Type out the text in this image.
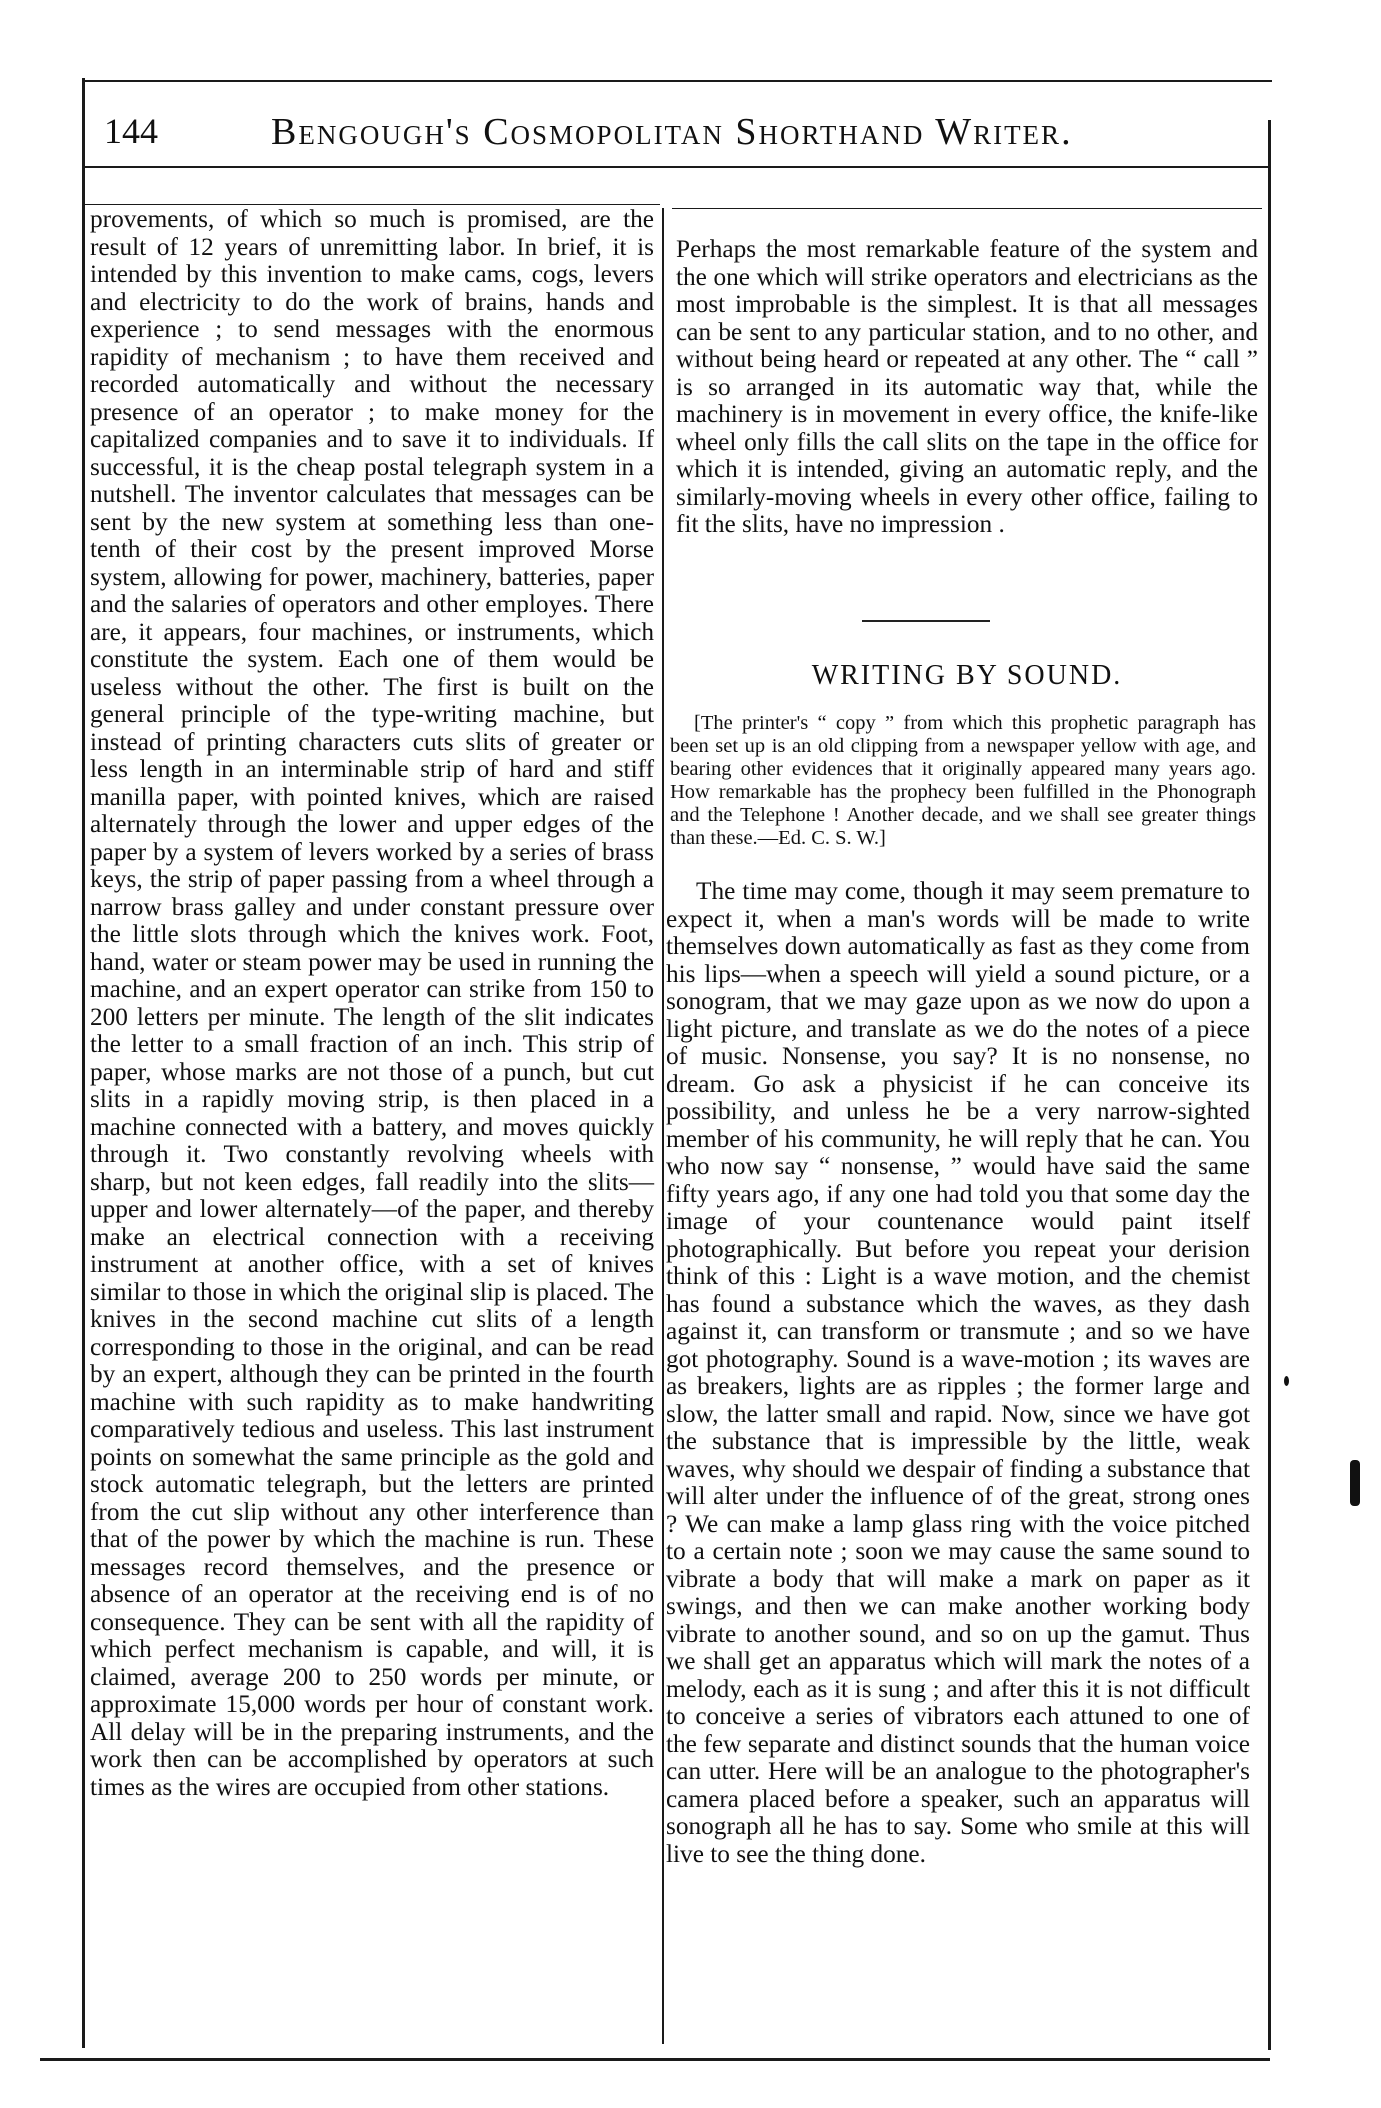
144	Bengough's Cosmopolitan Shorthand Writer.

provements, of which so much is promised, are the result of 12 years of unremitting labor. In brief, it is intended by this invention to make cams, cogs, levers and electricity to do the work of brains, hands and experience ; to send messages with the enormous rapidity of mechanism ; to have them received and recorded automatically and without the necessary presence of an operator ; to make money for the capitalized companies and to save it to individuals. If successful, it is the cheap postal telegraph system in a nutshell. The inventor calculates that messages can be sent by the new system at something less than one-tenth of their cost by the present improved Morse system, allowing for power, machinery, batteries, paper and the salaries of operators and other employes. There are, it appears, four machines, or instruments, which constitute the system. Each one of them would be useless without the other. The first is built on the general principle of the type-writing machine, but instead of printing characters cuts slits of greater or less length in an interminable strip of hard and stiff manilla paper, with pointed knives, which are raised alternately through the lower and upper edges of the paper by a system of levers worked by a series of brass keys, the strip of paper passing from a wheel through a narrow brass galley and under constant pressure over the little slots through which the knives work. Foot, hand, water or steam power may be used in running the machine, and an expert operator can strike from 150 to 200 letters per minute. The length of the slit indicates the letter to a small fraction of an inch. This strip of paper, whose marks are not those of a punch, but cut slits in a rapidly moving strip, is then placed in a machine connected with a battery, and moves quickly through it. Two constantly revolving wheels with sharp, but not keen edges, fall readily into the slits—upper and lower alternately—of the paper, and thereby make an electrical connection with a receiving instrument at another office, with a set of knives similar to those in which the original slip is placed. The knives in the second machine cut slits of a length corresponding to those in the original, and can be read by an expert, although they can be printed in the fourth machine with such rapidity as to make handwriting comparatively tedious and useless. This last instrument points on somewhat the same principle as the gold and stock automatic telegraph, but the letters are printed from the cut slip without any other interference than that of the power by which the machine is run. These messages record themselves, and the presence or absence of an operator at the receiving end is of no consequence. They can be sent with all the rapidity of which perfect mechanism is capable, and will, it is claimed, average 200 to 250 words per minute, or approximate 15,000 words per hour of constant work. All delay will be in the preparing instruments, and the work then can be accomplished by operators at such times as the wires are occupied from other stations.

Perhaps the most remarkable feature of the system and the one which will strike operators and electricians as the most improbable is the simplest. It is that all messages can be sent to any particular station, and to no other, and without being heard or repeated at any other. The “ call ” is so arranged in its automatic way that, while the machinery is in movement in every office, the knife-like wheel only fills the call slits on the tape in the office for which it is intended, giving an automatic reply, and the similarly-moving wheels in every other office, failing to fit the slits, have no impression .

WRITING BY SOUND.

[The printer's “ copy ” from which this prophetic paragraph has been set up is an old clipping from a newspaper yellow with age, and bearing other evidences that it originally appeared many years ago. How remarkable has the prophecy been fulfilled in the Phonograph and the Telephone ! Another decade, and we shall see greater things than these.—Ed. C. S. W.]

The time may come, though it may seem premature to expect it, when a man's words will be made to write themselves down automatically as fast as they come from his lips—when a speech will yield a sound picture, or a sonogram, that we may gaze upon as we now do upon a light picture, and translate as we do the notes of a piece of music. Nonsense, you say? It is no nonsense, no dream. Go ask a physicist if he can conceive its possibility, and unless he be a very narrow-sighted member of his community, he will reply that he can. You who now say “ nonsense, ” would have said the same fifty years ago, if any one had told you that some day the image of your countenance would paint itself photographically. But before you repeat your derision think of this : Light is a wave motion, and the chemist has found a substance which the waves, as they dash against it, can transform or transmute ; and so we have got photography. Sound is a wave-motion ; its waves are as breakers, lights are as ripples ; the former large and slow, the latter small and rapid. Now, since we have got the substance that is impressible by the little, weak waves, why should we despair of finding a substance that will alter under the influence of of the great, strong ones ? We can make a lamp glass ring with the voice pitched to a certain note ; soon we may cause the same sound to vibrate a body that will make a mark on paper as it swings, and then we can make another working body vibrate to another sound, and so on up the gamut. Thus we shall get an apparatus which will mark the notes of a melody, each as it is sung ; and after this it is not difficult to conceive a series of vibrators each attuned to one of the few separate and distinct sounds that the human voice can utter. Here will be an analogue to the photographer's camera placed before a speaker, such an apparatus will sonograph all he has to say. Some who smile at this will live to see the thing done.
